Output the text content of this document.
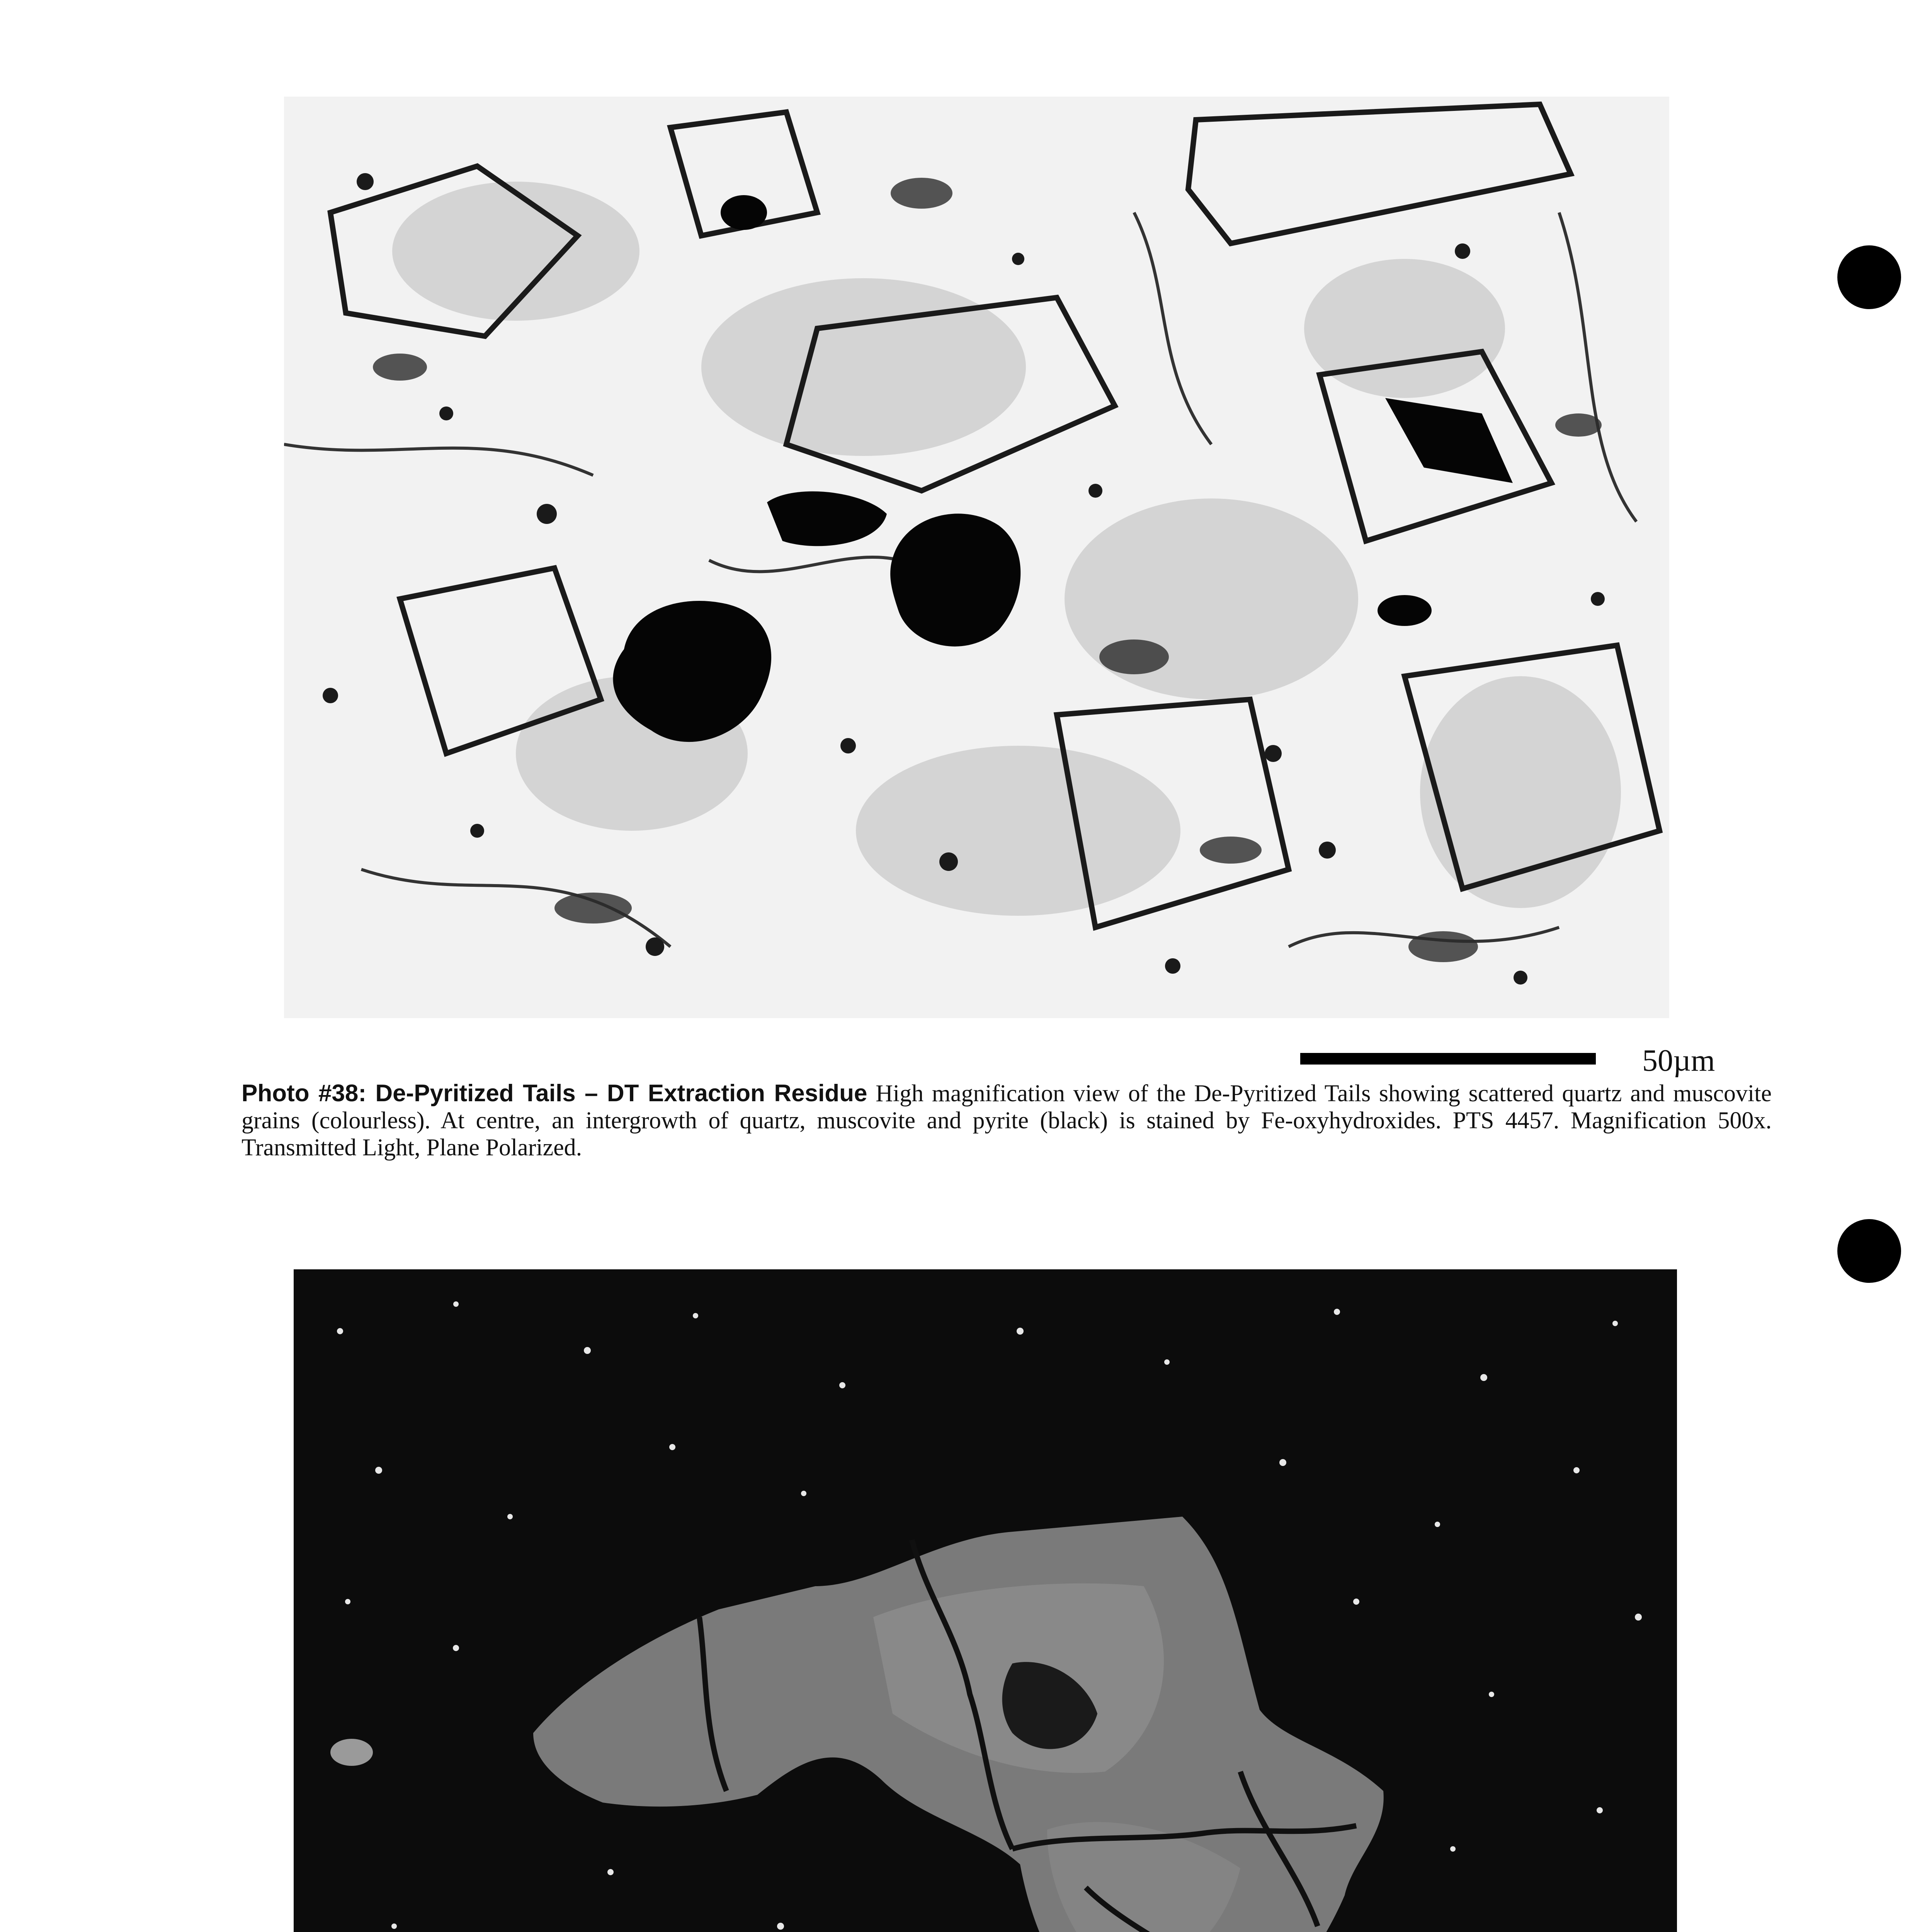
50µm

Photo #38: De-Pyritized Tails – DT Extraction Residue High magnification view of the De-Pyritized Tails showing scattered quartz and muscovite grains (colourless). At centre, an intergrowth of quartz, muscovite and pyrite (black) is stained by Fe-oxyhydroxides. PTS 4457. Magnification 500x. Transmitted Light, Plane Polarized.
